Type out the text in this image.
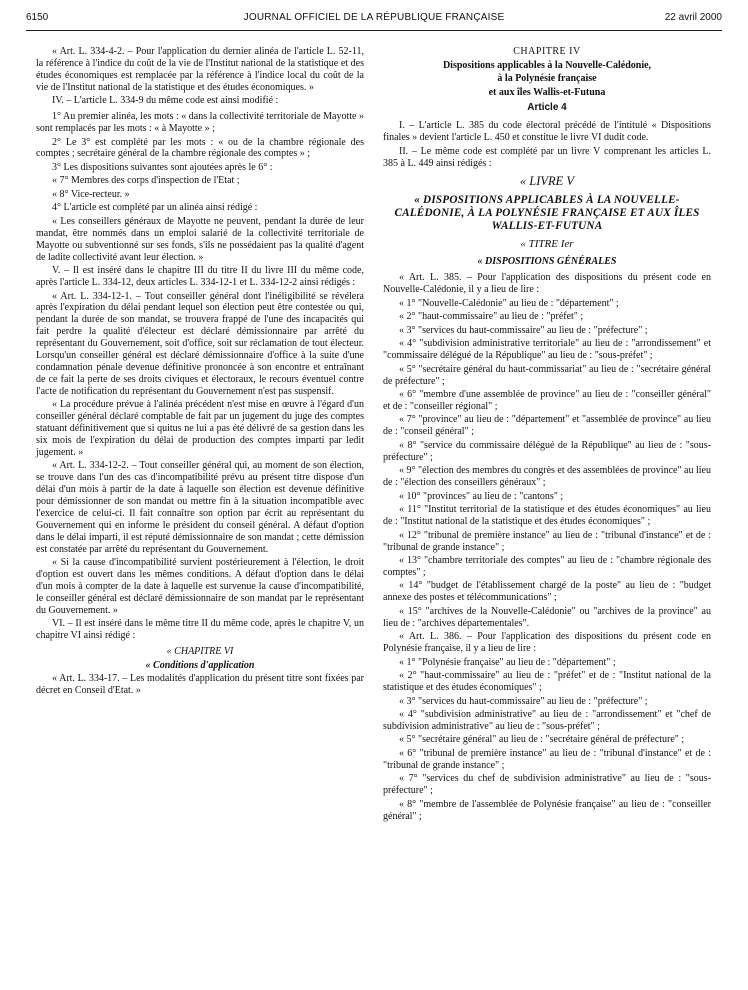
6150	JOURNAL OFFICIEL DE LA RÉPUBLIQUE FRANÇAISE	22 avril 2000

« Art. L. 334-4-2. – Pour l'application du dernier alinéa de l'article L. 52-11, la référence à l'indice du coût de la vie de l'Institut national de la statistique et des études économiques est remplacée par la référence à l'indice local du coût de la vie de l'Institut national de la statistique et des études économiques. »

IV. – L'article L. 334-9 du même code est ainsi modifié :

1° Au premier alinéa, les mots : « dans la collectivité territoriale de Mayotte » sont remplacés par les mots : « à Mayotte » ;

2° Le 3° est complété par les mots : « ou de la chambre régionale des comptes ; secrétaire général de la chambre régionale des comptes » ;

3° Les dispositions suivantes sont ajoutées après le 6° :

« 7° Membres des corps d'inspection de l'Etat ;

« 8° Vice-recteur. »

4° L'article est complété par un alinéa ainsi rédigé :

« Les conseillers généraux de Mayotte ne peuvent, pendant la durée de leur mandat, être nommés dans un emploi salarié de la collectivité territoriale de Mayotte ou subventionné sur ses fonds, s'ils ne possédaient pas la qualité d'agent de ladite collectivité avant leur élection. »

V. – Il est inséré dans le chapitre III du titre II du livre III du même code, après l'article L. 334-12, deux articles L. 334-12-1 et L. 334-12-2 ainsi rédigés :

« Art. L. 334-12-1. – Tout conseiller général dont l'inéligibilité se révélera après l'expiration du délai pendant lequel son élection peut être contestée ou qui, pendant la durée de son mandat, se trouvera frappé de l'une des incapacités qui fait perdre la qualité d'électeur est déclaré démissionnaire par arrêté du représentant du Gouvernement, soit d'office, soit sur réclamation de tout électeur. Lorsqu'un conseiller général est déclaré démissionnaire d'office à la suite d'une condamnation pénale devenue définitive prononcée à son encontre et entraînant de ce fait la perte de ses droits civiques et électoraux, le recours éventuel contre l'acte de notification du représentant du Gouvernement n'est pas suspensif.

« La procédure prévue à l'alinéa précédent n'est mise en œuvre à l'égard d'un conseiller général déclaré comptable de fait par un jugement du juge des comptes statuant définitivement que si quitus ne lui a pas été délivré de sa gestion dans les six mois de l'expiration du délai de production des comptes imparti par ledit jugement. »

« Art. L. 334-12-2. – Tout conseiller général qui, au moment de son élection, se trouve dans l'un des cas d'incompatibilité prévu au présent titre dispose d'un délai d'un mois à partir de la date à laquelle son élection est devenue définitive pour démissionner de son mandat ou mettre fin à la situation incompatible avec l'exercice de celui-ci. Il fait connaître son option par écrit au représentant du Gouvernement qui en informe le président du conseil général. A défaut d'option dans le délai imparti, il est réputé démissionnaire de son mandat ; cette démission est constatée par arrêté du représentant du Gouvernement.

« Si la cause d'incompatibilité survient postérieurement à l'élection, le droit d'option est ouvert dans les mêmes conditions. A défaut d'option dans le délai d'un mois à compter de la date à laquelle est survenue la cause d'incompatibilité, le conseiller général est déclaré démissionnaire de son mandat par le représentant du Gouvernement. »

VI. – Il est inséré dans le même titre II du même code, après le chapitre V, un chapitre VI ainsi rédigé :

« CHAPITRE VI

« Conditions d'application

« Art. L. 334-17. – Les modalités d'application du présent titre sont fixées par décret en Conseil d'Etat. »

CHAPITRE IV

Dispositions applicables à la Nouvelle-Calédonie,

à la Polynésie française

et aux îles Wallis-et-Futuna

Article 4

I. – L'article L. 385 du code électoral précédé de l'intitulé « Dispositions finales » devient l'article L. 450 et constitue le livre VI dudit code.

II. – Le même code est complété par un livre V comprenant les articles L. 385 à L. 449 ainsi rédigés :

« LIVRE V

« DISPOSITIONS APPLICABLES À LA NOUVELLE-CALÉDONIE, À LA POLYNÉSIE FRANÇAISE ET AUX ÎLES WALLIS-ET-FUTUNA

« TITRE Ier

« DISPOSITIONS GÉNÉRALES

« Art. L. 385. – Pour l'application des dispositions du présent code en Nouvelle-Calédonie, il y a lieu de lire :

« 1° "Nouvelle-Calédonie" au lieu de : "département" ;

« 2° "haut-commissaire" au lieu de : "préfet" ;

« 3° "services du haut-commissaire" au lieu de : "préfecture" ;

« 4° "subdivision administrative territoriale" au lieu de : "arrondissement" et "commissaire délégué de la République" au lieu de : "sous-préfet" ;

« 5° "secrétaire général du haut-commissariat" au lieu de : "secrétaire général de préfecture" ;

« 6° "membre d'une assemblée de province" au lieu de : "conseiller général" et de : "conseiller régional" ;

« 7° "province" au lieu de : "département" et "assemblée de province" au lieu de : "conseil général" ;

« 8° "service du commissaire délégué de la République" au lieu de : "sous-préfecture" ;

« 9° "élection des membres du congrès et des assemblées de province" au lieu de : "élection des conseillers généraux" ;

« 10° "provinces" au lieu de : "cantons" ;

« 11° "Institut territorial de la statistique et des études économiques" au lieu de : "Institut national de la statistique et des études économiques" ;

« 12° "tribunal de première instance" au lieu de : "tribunal d'instance" et de : "tribunal de grande instance" ;

« 13° "chambre territoriale des comptes" au lieu de : "chambre régionale des comptes" ;

« 14° "budget de l'établissement chargé de la poste" au lieu de : "budget annexe des postes et télécommunications" ;

« 15° "archives de la Nouvelle-Calédonie" ou "archives de la province" au lieu de : "archives départementales".

« Art. L. 386. – Pour l'application des dispositions du présent code en Polynésie française, il y a lieu de lire :

« 1° "Polynésie française" au lieu de : "département" ;

« 2° "haut-commissaire" au lieu de : "préfet" et de : "Institut national de la statistique et des études économiques" ;

« 3° "services du haut-commissaire" au lieu de : "préfecture" ;

« 4° "subdivision administrative" au lieu de : "arrondissement" et "chef de subdivision administrative" au lieu de : "sous-préfet" ;

« 5° "secrétaire général" au lieu de : "secrétaire général de préfecture" ;

« 6° "tribunal de première instance" au lieu de : "tribunal d'instance" et de : "tribunal de grande instance" ;

« 7° "services du chef de subdivision administrative" au lieu de : "sous-préfecture" ;

« 8° "membre de l'assemblée de Polynésie française" au lieu de : "conseiller général" ;
